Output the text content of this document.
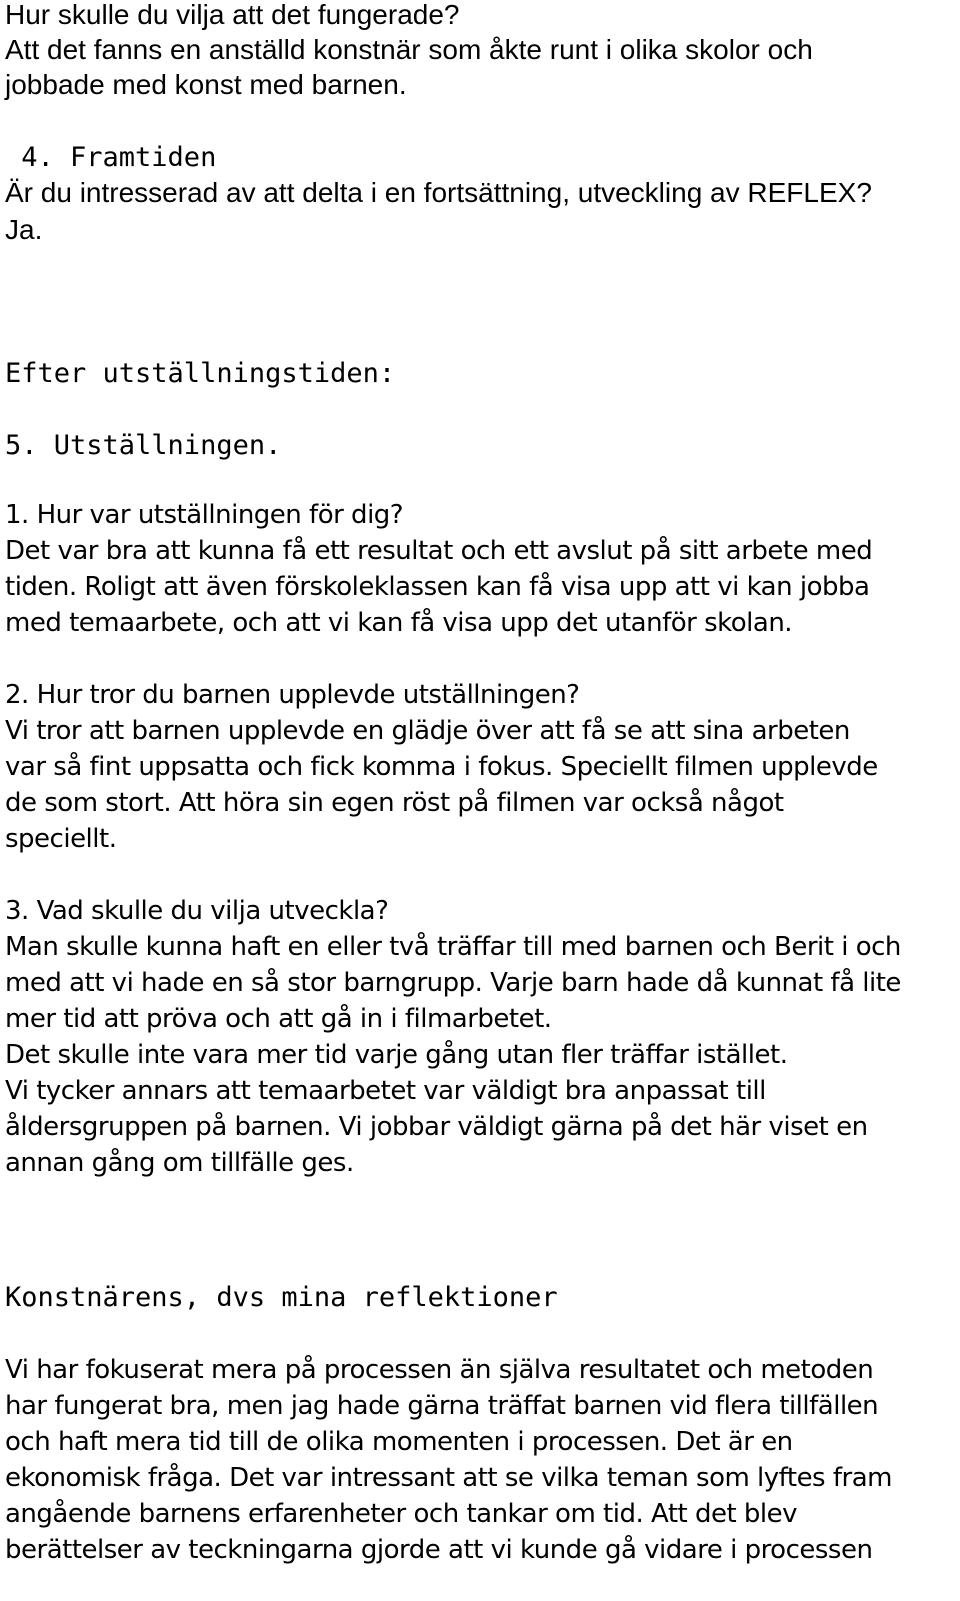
Hur skulle du vilja att det fungerade?
Att det fanns en anställd konstnär som åkte runt i olika skolor och
jobbade med konst med barnen.
4. Framtiden
Är du intresserad av att delta i en fortsättning, utveckling av REFLEX?
Ja.
Efter utställningstiden:
5. Utställningen.
1. Hur var utställningen för dig?
Det var bra att kunna få ett resultat och ett avslut på sitt arbete med
tiden. Roligt att även förskoleklassen kan få visa upp att vi kan jobba
med temaarbete, och att vi kan få visa upp det utanför skolan.
2. Hur tror du barnen upplevde utställningen?
Vi tror att barnen upplevde en glädje över att få se att sina arbeten
var så fint uppsatta och fick komma i fokus. Speciellt filmen upplevde
de som stort. Att höra sin egen röst på filmen var också något
speciellt.
3. Vad skulle du vilja utveckla?
Man skulle kunna haft en eller två träffar till med barnen och Berit i och
med att vi hade en så stor barngrupp. Varje barn hade då kunnat få lite
mer tid att pröva och att gå in i filmarbetet.
Det skulle inte vara mer tid varje gång utan fler träffar istället.
Vi tycker annars att temaarbetet var väldigt bra anpassat till
åldersgruppen på barnen. Vi jobbar väldigt gärna på det här viset en
annan gång om tillfälle ges.
Konstnärens, dvs mina reflektioner
Vi har fokuserat mera på processen än själva resultatet och metoden
har fungerat bra, men jag hade gärna träffat barnen vid flera tillfällen
och haft mera tid till de olika momenten i processen. Det är en
ekonomisk fråga. Det var intressant att se vilka teman som lyftes fram
angående barnens erfarenheter och tankar om tid. Att det blev
berättelser av teckningarna gjorde att vi kunde gå vidare i processen
